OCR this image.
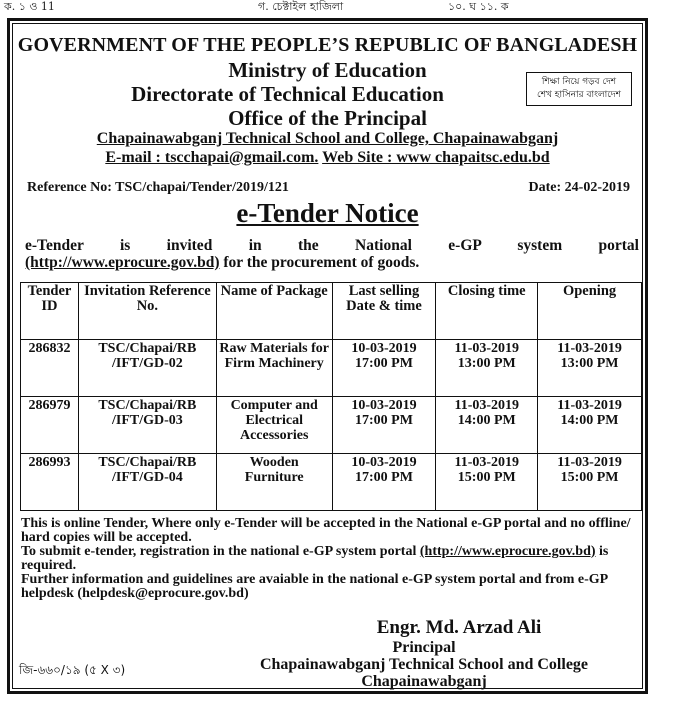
ক. ১ ও 11	গ. চেক্টাইল হাজিলা	১০. ঘ ১১. ক
GOVERNMENT OF THE PEOPLE’S REPUBLIC OF BANGLADESH
Ministry of Education
Directorate of Technical Education
Office of the Principal
Chapainawabganj Technical School and College, Chapainawabganj
E-mail : tscchapai@gmail.com. Web Site : www chapaitsc.edu.bd
শিক্ষা নিয়ে গড়ব দেশ
শেখ হাসিনার বাংলাদেশ
Reference No: TSC/chapai/Tender/2019/121	Date: 24-02-2019
e-Tender Notice
e-Tender is invited in the National e-GP system portal
(http://www.eprocure.gov.bd) for the procurement of goods.
Tender ID	Invitation Reference No.	Name of Package	Last selling Date & time	Closing time	Opening
286832	TSC/Chapai/RB /IFT/GD-02	Raw Materials for Firm Machinery	10-03-2019 17:00 PM	11-03-2019 13:00 PM	11-03-2019 13:00 PM
286979	TSC/Chapai/RB /IFT/GD-03	Computer and Electrical Accessories	10-03-2019 17:00 PM	11-03-2019 14:00 PM	11-03-2019 14:00 PM
286993	TSC/Chapai/RB /IFT/GD-04	Wooden Furniture	10-03-2019 17:00 PM	11-03-2019 15:00 PM	11-03-2019 15:00 PM

This is online Tender, Where only e-Tender will be accepted in the National e-GP portal and no offline/ hard copies will be accepted.

To submit e-tender, registration in the national e-GP system portal (http://www.eprocure.gov.bd) is required.

Further information and guidelines are avaiable in the national e-GP system portal and from e-GP helpdesk (helpdesk@eprocure.gov.bd)

Engr. Md. Arzad Ali
Principal
Chapainawabganj Technical School and College
Chapainawabganj
জি-৬৬০/১৯ (৫ X ৩)
